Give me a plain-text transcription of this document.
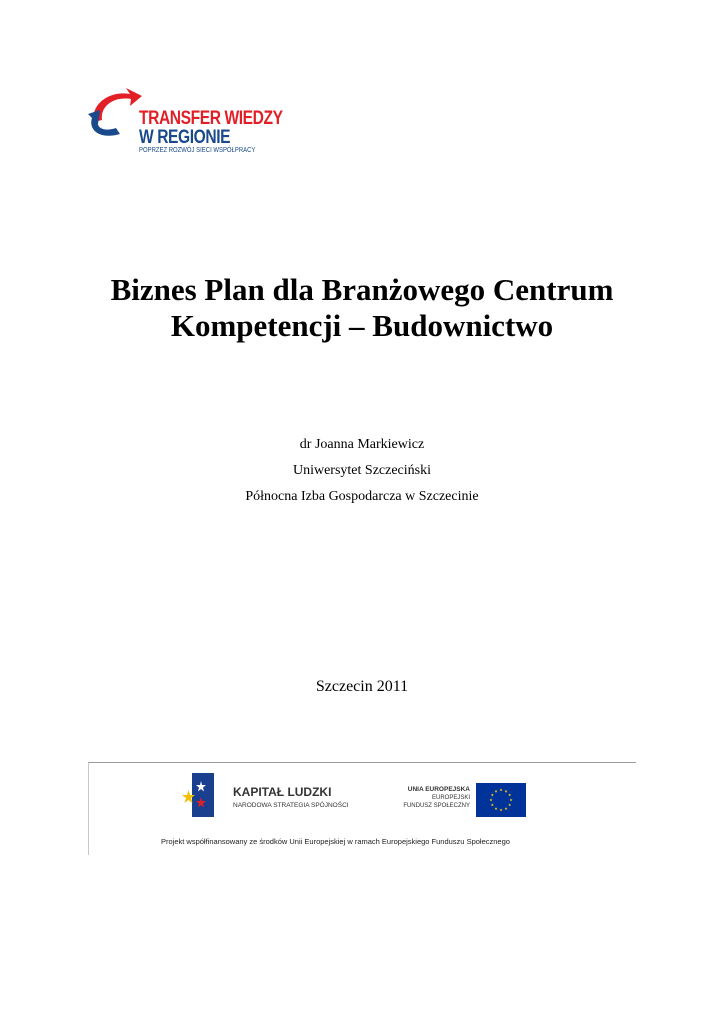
TRANSFER WIEDZY
W REGIONIE
POPRZEZ ROZWÓJ SIECI WSPÓŁPRACY
Biznes Plan dla Branżowego Centrum
Kompetencji – Budownictwo
dr Joanna Markiewicz
Uniwersytet Szczeciński
Północna Izba Gospodarcza w Szczecinie
Szczecin 2011
KAPITAŁ LUDZKI
NARODOWA STRATEGIA SPÓJNOŚCI
UNIA EUROPEJSKA
EUROPEJSKI
FUNDUSZ SPOŁECZNY
Projekt współfinansowany ze środków Unii Europejskiej w ramach Europejskiego Funduszu Społecznego
